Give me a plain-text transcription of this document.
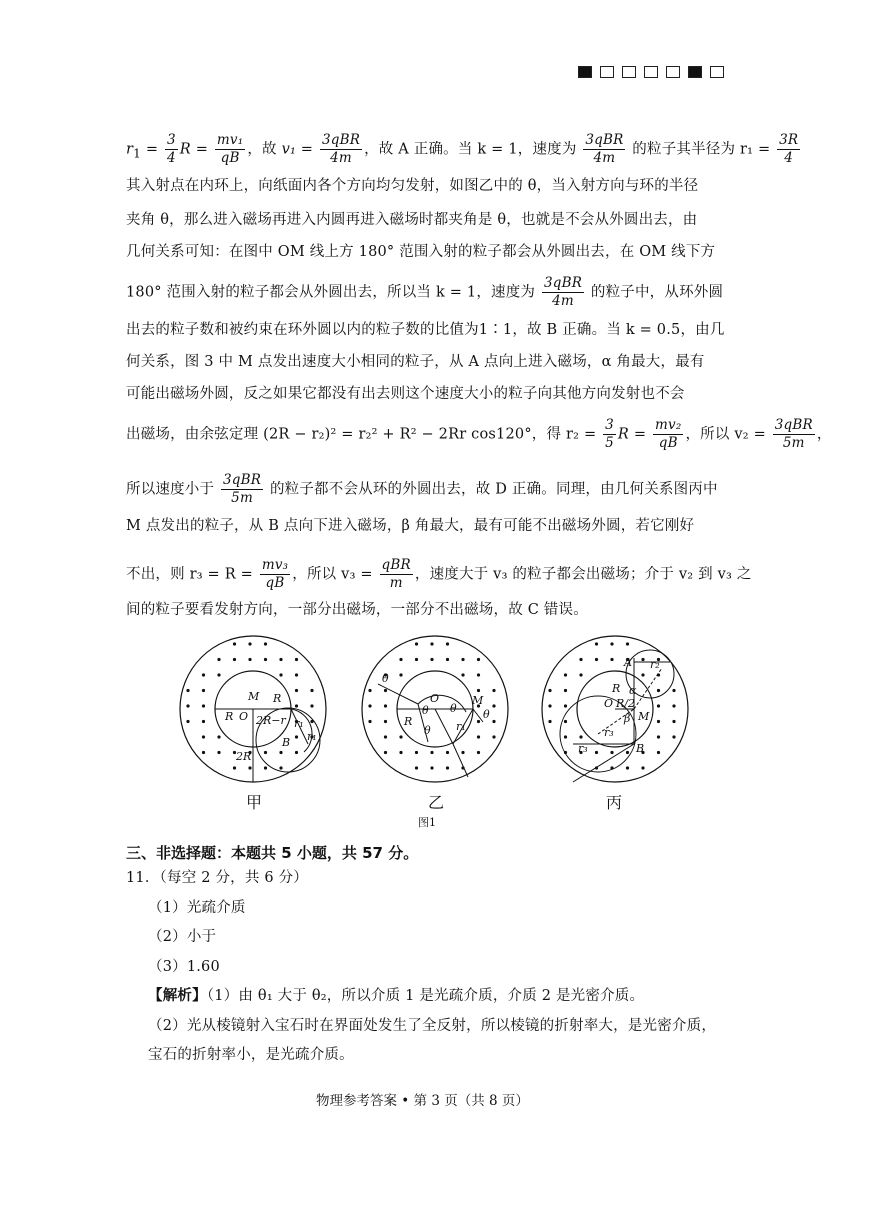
$r_1 = \frac{3}{4}$ $R = \frac{\text{mv₁}}{qB}$ ，故 $v_1 = \frac{\text{3qBR}}{4m}$ ，故 A 正确。当 k = 1，速度为 $\frac{\text{3qBR}}{4m}$ 的粒子其半径为 $r_1 = \frac{3R}{4}$
其入射点在内环上，向纸面内各个方向均匀发射，如图乙中的 θ，当入射方向与环的半径
夹角 θ，那么进入磁场再进入内圆再进入磁场时都夹角是 θ，也就是不会从外圆出去，由
几何关系可知：在图中 OM 线上方 180° 范围入射的粒子都会从外圆出去，在 OM 线下方
180° 范围入射的粒子都会从外圆出去，所以当 k = 1，速度为 $\frac{\text{3qBR}}{4m}$ 的粒子中，从环外圆
出去的粒子数和被约束在环外圆以内的粒子数的比值为1∶1，故 B 正确。当 k = 0.5，由几
何关系，图 3 中 M 点发出速度大小相同的粒子，从 A 点向上进入磁场，α 角最大，最有
可能出磁场外圆，反之如果它都没有出去则这个速度大小的粒子向其他方向发射也不会
出磁场，由余弦定理 (2R − r₂)² = r₂² + R² − 2Rr cos120°，得 $r_2 = \frac{3}{5}$ $R = \frac{\text{mv₂}}{qB}$ ，所以 $v_2 = \frac{\text{3qBR}}{5m}$ ，
所以速度小于 $\frac{\text{3qBR}}{5m}$ 的粒子都不会从环的外圆出去，故 D 正确。同理，由几何关系图丙中
M 点发出的粒子，从 B 点向下进入磁场，β 角最大，最有可能不出磁场外圆，若它刚好
不出，则 $r_3 = R = \frac{\text{mv₃}}{qB}$ ，所以 $v_3 = \frac{\text{qBR}}{m}$ ，速度大于 v₃ 的粒子都会出磁场；介于 v₂ 到 v₃ 之
间的粒子要看发射方向，一部分出磁场，一部分不出磁场，故 C 错误。
M R
R O 2R−r r₁
B r₁
2R
θ
O
θ
M
θ
R
θ
θ r₁
A r₂
R α
O R/2
β M
r₃
r₃	B
甲	乙	丙
图1
三、非选择题：本题共 5 小题，共 57 分。
11．（每空 2 分，共 6 分）
（1）光疏介质
（2）小于
（3）1.60
【解析】（1）由 θ₁ 大于 θ₂，所以介质 1 是光疏介质，介质 2 是光密介质。
（2）光从棱镜射入宝石时在界面处发生了全反射，所以棱镜的折射率大，是光密介质，
宝石的折射率小，是光疏介质。
物理参考答案 • 第 3 页（共 8 页）
